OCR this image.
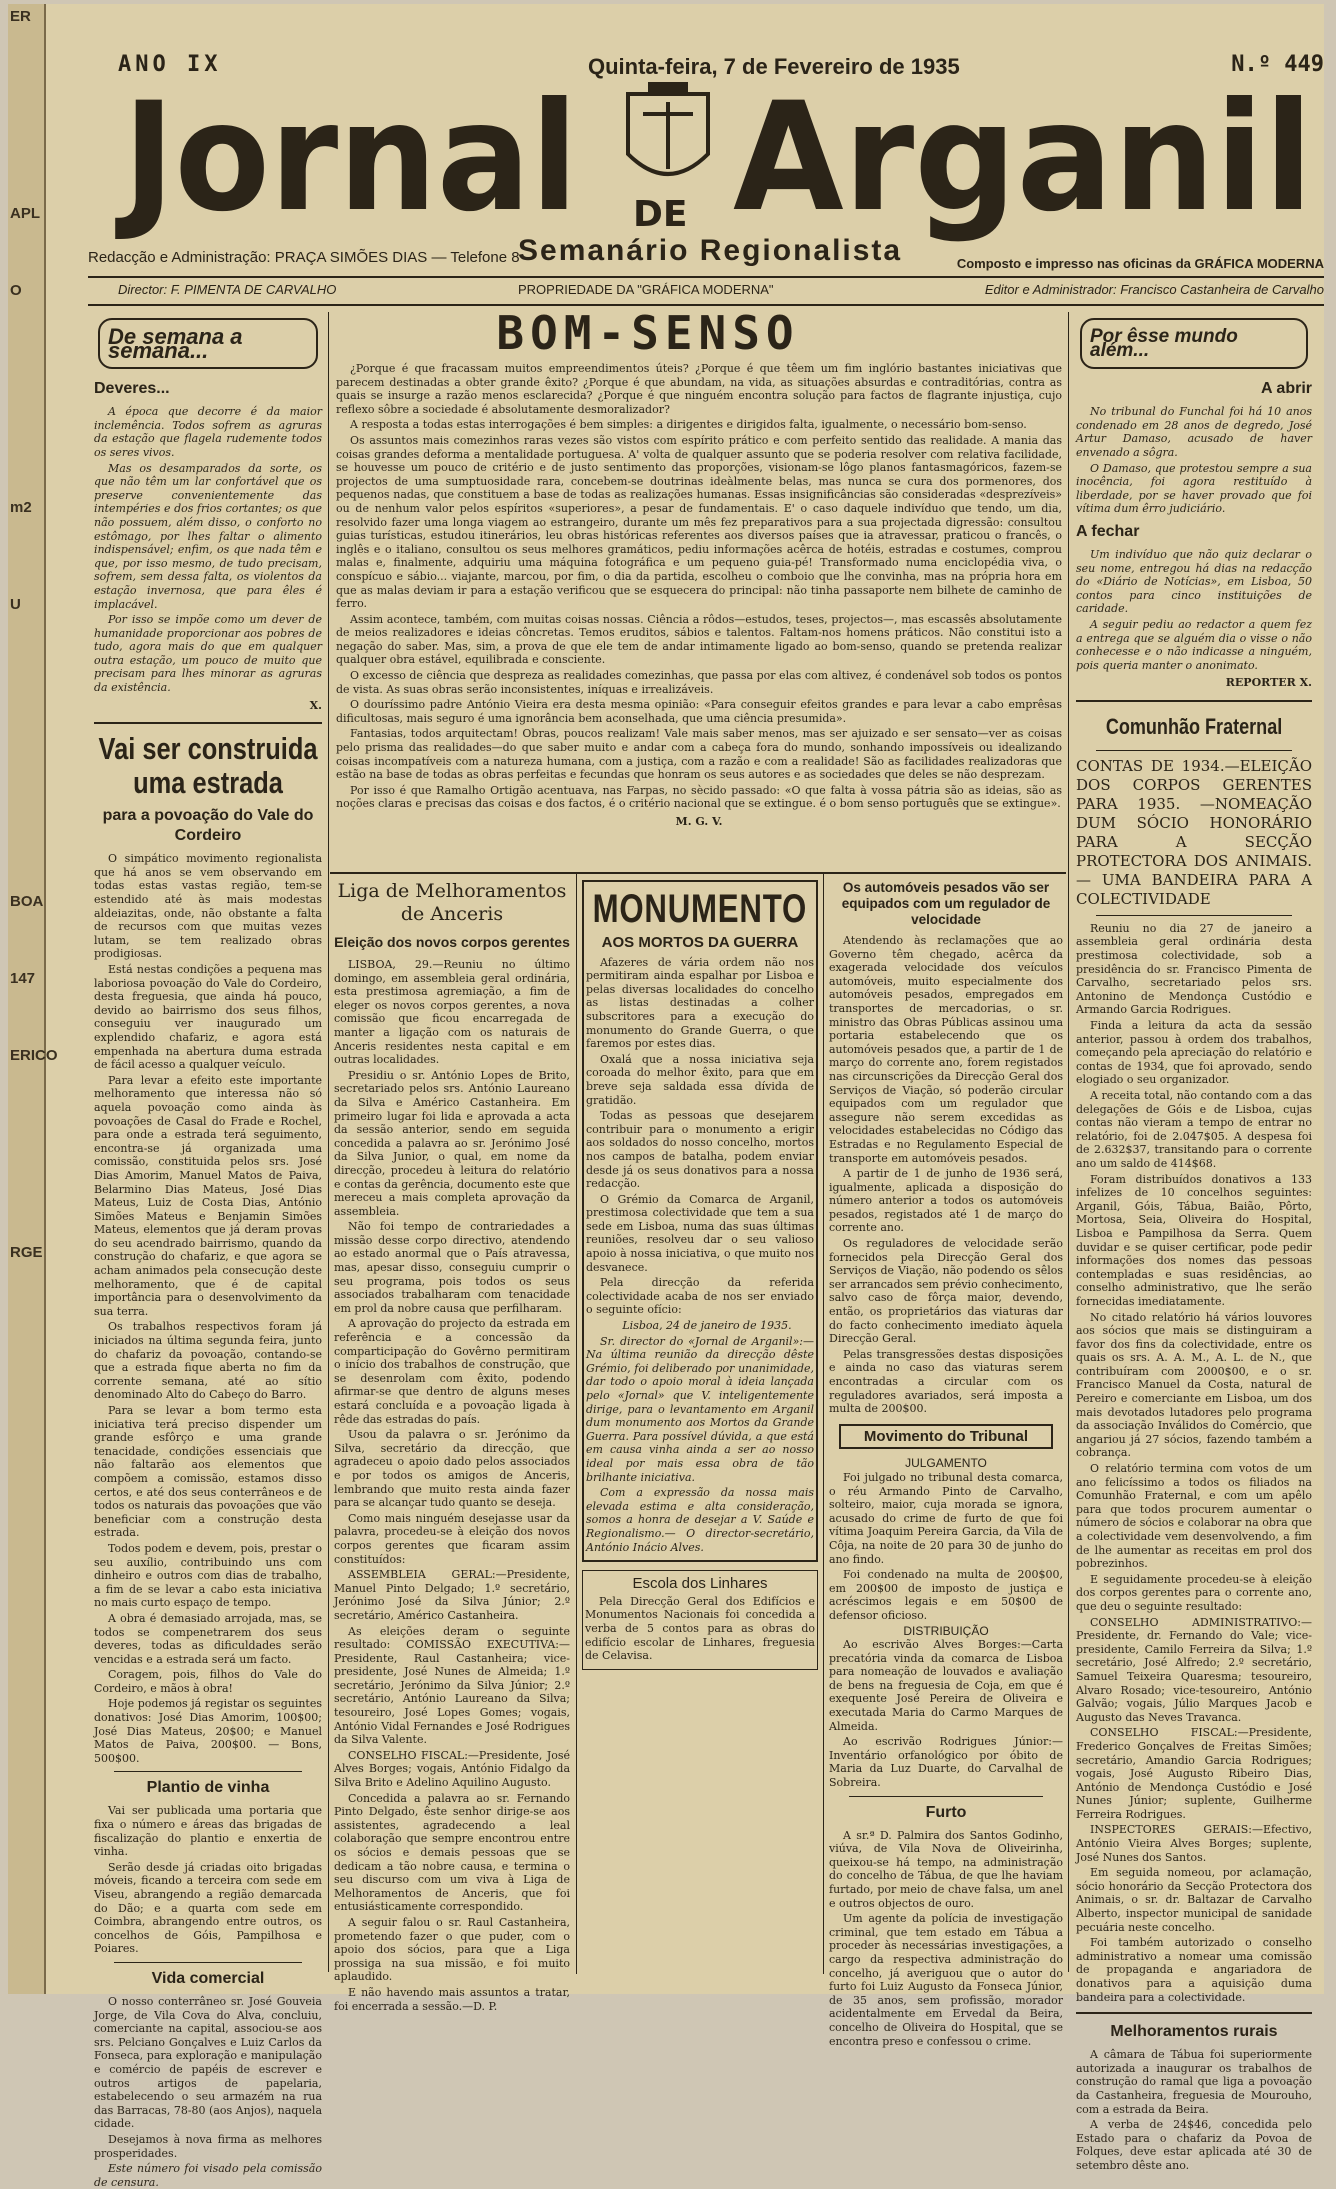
ER
APL
O
m2
U
BOA
147
ERICO
RGE
ANO IX	Quinta-feira, 7 de Fevereiro de 1935	N.º 449
Jornal DE Arganil
Semanário Regionalista
Redacção e Administração: PRAÇA SIMÕES DIAS — Telefone 8	Composto e impresso nas oficinas da GRÁFICA MODERNA
Director: F. PIMENTA DE CARVALHO	PROPRIEDADE DA "GRÁFICA MODERNA"	Editor e Administrador: Francisco Castanheira de Carvalho
De semana a semana...
Deveres...

A época que decorre é da maior inclemência. Todos sofrem as agruras da estação que flagela rudemente todos os seres vivos.

Mas os desamparados da sorte, os que não têm um lar confortável que os preserve convenientemente das intempéries e dos frios cortantes; os que não possuem, além disso, o conforto no estômago, por lhes faltar o alimento indispensável; enfim, os que nada têm e que, por isso mesmo, de tudo precisam, sofrem, sem dessa falta, os violentos da estação invernosa, que para êles é implacável.

Por isso se impõe como um dever de humanidade proporcionar aos pobres de tudo, agora mais do que em qualquer outra estação, um pouco de muito que precisam para lhes minorar as agruras da existência.

X.
Vai ser construida uma estrada
para a povoação do Vale do Cordeiro

O simpático movimento regionalista que há anos se vem observando em todas estas vastas região, tem-se estendido até às mais modestas aldeiazitas, onde, não obstante a falta de recursos com que muitas vezes lutam, se tem realizado obras prodigiosas.

Está nestas condições a pequena mas laboriosa povoação do Vale do Cordeiro, desta freguesia, que ainda há pouco, devido ao bairrismo dos seus filhos, conseguiu ver inaugurado um explendido chafariz, e agora está empenhada na abertura duma estrada de fácil acesso a qualquer veículo.

Para levar a efeito este importante melhoramento que interessa não só aquela povoação como ainda às povoações de Casal do Frade e Rochel, para onde a estrada terá seguimento, encontra-se já organizada uma comissão, constituida pelos srs. José Dias Amorim, Manuel Matos de Paiva, Belarmino Dias Mateus, José Dias Mateus, Luiz de Costa Dias, António Simões Mateus e Benjamin Simões Mateus, elementos que já deram provas do seu acendrado bairrismo, quando da construção do chafariz, e que agora se acham animados pela consecução deste melhoramento, que é de capital importância para o desenvolvimento da sua terra.

Os trabalhos respectivos foram já iniciados na última segunda feira, junto do chafariz da povoação, contando-se que a estrada fique aberta no fim da corrente semana, até ao sítio denominado Alto do Cabeço do Barro.

Para se levar a bom termo esta iniciativa terá preciso dispender um grande esfôrço e uma grande tenacidade, condições essenciais que não faltarão aos elementos que compõem a comissão, estamos disso certos, e até dos seus conterrâneos e de todos os naturais das povoações que vão beneficiar com a construção desta estrada.

Todos podem e devem, pois, prestar o seu auxílio, contribuindo uns com dinheiro e outros com dias de trabalho, a fim de se levar a cabo esta iniciativa no mais curto espaço de tempo.

A obra é demasiado arrojada, mas, se todos se compenetrarem dos seus deveres, todas as dificuldades serão vencidas e a estrada será um facto.

Coragem, pois, filhos do Vale do Cordeiro, e mãos à obra!

Hoje podemos já registar os seguintes donativos: José Dias Amorim, 100$00; José Dias Mateus, 20$00; e Manuel Matos de Paiva, 200$00. — Bons, 500$00.

Plantio de vinha

Vai ser publicada uma portaria que fixa o número e áreas das brigadas de fiscalização do plantio e enxertia de vinha.

Serão desde já criadas oito brigadas móveis, ficando a terceira com sede em Viseu, abrangendo a região demarcada do Dão; e a quarta com sede em Coimbra, abrangendo entre outros, os concelhos de Góis, Pampilhosa e Poiares.

Vida comercial

O nosso conterrâneo sr. José Gouveia Jorge, de Vila Cova do Alva, concluiu, comerciante na capital, associou-se aos srs. Pelciano Gonçalves e Luiz Carlos da Fonseca, para exploração e manipulação e comércio de papéis de escrever e outros artigos de papelaria, estabelecendo o seu armazém na rua das Barracas, 78-80 (aos Anjos), naquela cidade.

Desejamos à nova firma as melhores prosperidades.

Este número foi visado pela comissão de censura.

BOM-SENSO

¿Porque é que fracassam muitos empreendimentos úteis? ¿Porque é que têem um fim inglório bastantes iniciativas que parecem destinadas a obter grande êxito? ¿Porque é que abundam, na vida, as situações absurdas e contraditórias, contra as quais se insurge a razão menos esclarecida? ¿Porque é que ninguém encontra solução para factos de flagrante injustiça, cujo reflexo sôbre a sociedade é absolutamente desmoralizador?

A resposta a todas estas interrogações é bem simples: a dirigentes e dirigidos falta, igualmente, o necessário bom-senso.

Os assuntos mais comezinhos raras vezes são vistos com espírito prático e com perfeito sentido das realidade. A mania das coisas grandes deforma a mentalidade portuguesa. A' volta de qualquer assunto que se poderia resolver com relativa facilidade, se houvesse um pouco de critério e de justo sentimento das proporções, visionam-se lôgo planos fantasmagóricos, fazem-se projectos de uma sumptuosidade rara, concebem-se doutrinas ideàlmente belas, mas nunca se cura dos pormenores, dos pequenos nadas, que constituem a base de todas as realizações humanas. Essas insignificâncias são consideradas «desprezíveis» ou de nenhum valor pelos espíritos «superiores», a pesar de fundamentais. E' o caso daquele indivíduo que tendo, um dia, resolvido fazer uma longa viagem ao estrangeiro, durante um mês fez preparativos para a sua projectada digressão: consultou guias turísticas, estudou itinerários, leu obras históricas referentes aos diversos países que ia atravessar, praticou o francês, o inglês e o italiano, consultou os seus melhores gramáticos, pediu informações acêrca de hotéis, estradas e costumes, comprou malas e, finalmente, adquiriu uma máquina fotográfica e um pequeno guia-pé! Transformado numa enciclopédia viva, o conspícuo e sábio... viajante, marcou, por fim, o dia da partida, escolheu o comboio que lhe convinha, mas na própria hora em que as malas deviam ir para a estação verificou que se esquecera do principal: não tinha passaporte nem bilhete de caminho de ferro.

Assim acontece, também, com muitas coisas nossas. Ciência a rôdos—estudos, teses, projectos—, mas escassês absolutamente de meios realizadores e ideias côncretas. Temos eruditos, sábios e talentos. Faltam-nos homens práticos. Não constitui isto a negação do saber. Mas, sim, a prova de que ele tem de andar intimamente ligado ao bom-senso, quando se pretenda realizar qualquer obra estável, equilibrada e consciente.

O excesso de ciência que despreza as realidades comezinhas, que passa por elas com altivez, é condenável sob todos os pontos de vista. As suas obras serão inconsistentes, iníquas e irrealizáveis.

O douríssimo padre António Vieira era desta mesma opinião: «Para conseguir efeitos grandes e para levar a cabo emprêsas dificultosas, mais seguro é uma ignorância bem aconselhada, que uma ciência presumida».

Fantasias, todos arquitectam! Obras, poucos realizam! Vale mais saber menos, mas ser ajuizado e ser sensato—ver as coisas pelo prisma das realidades—do que saber muito e andar com a cabeça fora do mundo, sonhando impossíveis ou idealizando coisas incompatíveis com a natureza humana, com a justiça, com a razão e com a realidade! São as facilidades realizadoras que estão na base de todas as obras perfeitas e fecundas que honram os seus autores e as sociedades que deles se não desprezam.

Por isso é que Ramalho Ortigão acentuava, nas Farpas, no sècido passado: «O que falta à vossa pátria são as ideias, são as noções claras e precisas das coisas e dos factos, é o critério nacional que se extingue. é o bom senso português que se extingue».

M. G. V.
Liga de Melhoramentos de Anceris
Eleição dos novos corpos gerentes

LISBOA, 29.—Reuniu no último domingo, em assembleia geral ordinária, esta prestimosa agremiação, a fim de eleger os novos corpos gerentes, a nova comissão que ficou encarregada de manter a ligação com os naturais de Anceris residentes nesta capital e em outras localidades.

Presidiu o sr. António Lopes de Brito, secretariado pelos srs. António Laureano da Silva e Américo Castanheira. Em primeiro lugar foi lida e aprovada a acta da sessão anterior, sendo em seguida concedida a palavra ao sr. Jerónimo José da Silva Junior, o qual, em nome da direcção, procedeu à leitura do relatório e contas da gerência, documento este que mereceu a mais completa aprovação da assembleia.

Não foi tempo de contrariedades a missão desse corpo directivo, atendendo ao estado anormal que o País atravessa, mas, apesar disso, conseguiu cumprir o seu programa, pois todos os seus associados trabalharam com tenacidade em prol da nobre causa que perfilharam.

A aprovação do projecto da estrada em referência e a concessão da comparticipação do Govêrno permitiram o início dos trabalhos de construção, que se desenrolam com êxito, podendo afirmar-se que dentro de alguns meses estará concluída e a povoação ligada à rêde das estradas do país.

Usou da palavra o sr. Jerónimo da Silva, secretário da direcção, que agradeceu o apoio dado pelos associados e por todos os amigos de Anceris, lembrando que muito resta ainda fazer para se alcançar tudo quanto se deseja.

Como mais ninguém desejasse usar da palavra, procedeu-se à eleição dos novos corpos gerentes que ficaram assim constituídos:

ASSEMBLEIA GERAL:—Presidente, Manuel Pinto Delgado; 1.º secretário, Jerónimo José da Silva Júnior; 2.º secretário, Américo Castanheira.

As eleições deram o seguinte resultado: COMISSÃO EXECUTIVA:—Presidente, Raul Castanheira; vice-presidente, José Nunes de Almeida; 1.º secretário, Jerónimo da Silva Júnior; 2.º secretário, António Laureano da Silva; tesoureiro, José Lopes Gomes; vogais, António Vidal Fernandes e José Rodrigues da Silva Valente.

CONSELHO FISCAL:—Presidente, José Alves Borges; vogais, António Fidalgo da Silva Brito e Adelino Aquilino Augusto.

Concedida a palavra ao sr. Fernando Pinto Delgado, êste senhor dirige-se aos assistentes, agradecendo a leal colaboração que sempre encontrou entre os sócios e demais pessoas que se dedicam a tão nobre causa, e termina o seu discurso com um viva à Liga de Melhoramentos de Anceris, que foi entusiásticamente correspondido.

A seguir falou o sr. Raul Castanheira, prometendo fazer o que puder, com o apoio dos sócios, para que a Liga prossiga na sua missão, e foi muito aplaudido.

E não havendo mais assuntos a tratar, foi encerrada a sessão.—D. P.

MONUMENTO
AOS MORTOS DA GUERRA

Afazeres de vária ordem não nos permitiram ainda espalhar por Lisboa e pelas diversas localidades do concelho as listas destinadas a colher subscritores para a execução do monumento do Grande Guerra, o que faremos por estes dias.

Oxalá que a nossa iniciativa seja coroada do melhor êxito, para que em breve seja saldada essa dívida de gratidão.

Todas as pessoas que desejarem contribuir para o monumento a erigir aos soldados do nosso concelho, mortos nos campos de batalha, podem enviar desde já os seus donativos para a nossa redacção.

O Grémio da Comarca de Arganil, prestimosa colectividade que tem a sua sede em Lisboa, numa das suas últimas reuniões, resolveu dar o seu valioso apoio à nossa iniciativa, o que muito nos desvanece.

Pela direcção da referida colectividade acaba de nos ser enviado o seguinte ofício:

Lisboa, 24 de janeiro de 1935.

Sr. director do «Jornal de Arganil»:— Na última reunião da direcção dêste Grémio, foi deliberado por unanimidade, dar todo o apoio moral à ideia lançada pelo «Jornal» que V. inteligentemente dirige, para o levantamento em Arganil dum monumento aos Mortos da Grande Guerra. Para possível dúvida, a que está em causa vinha ainda a ser ao nosso ideal por mais essa obra de tão brilhante iniciativa.

Com a expressão da nossa mais elevada estima e alta consideração, somos a honra de desejar a V. Saúde e Regionalismo.— O director-secretário, António Inácio Alves.

Escola dos Linhares

Pela Direcção Geral dos Edifícios e Monumentos Nacionais foi concedida a verba de 5 contos para as obras do edifício escolar de Linhares, freguesia de Celavisa.

Os automóveis pesados vão ser equipados com um regulador de velocidade

Atendendo às reclamações que ao Governo têm chegado, acêrca da exagerada velocidade dos veículos automóveis, muito especialmente dos automóveis pesados, empregados em transportes de mercadorias, o sr. ministro das Obras Públicas assinou uma portaria estabelecendo que os automóveis pesados que, a partir de 1 de março do corrente ano, forem registados nas circunscrições da Direcção Geral dos Serviços de Viação, só poderão circular equipados com um regulador que assegure não serem excedidas as velocidades estabelecidas no Código das Estradas e no Regulamento Especial de transporte em automóveis pesados.

A partir de 1 de junho de 1936 será, igualmente, aplicada a disposição do número anterior a todos os automóveis pesados, registados até 1 de março do corrente ano.

Os reguladores de velocidade serão fornecidos pela Direcção Geral dos Serviços de Viação, não podendo os sêlos ser arrancados sem prévio conhecimento, salvo caso de fôrça maior, devendo, então, os proprietários das viaturas dar do facto conhecimento imediato àquela Direcção Geral.

Pelas transgressões destas disposições e ainda no caso das viaturas serem encontradas a circular com os reguladores avariados, será imposta a multa de 200$00.

Movimento do Tribunal
JULGAMENTO

Foi julgado no tribunal desta comarca, o réu Armando Pinto de Carvalho, solteiro, maior, cuja morada se ignora, acusado do crime de furto de que foi vítima Joaquim Pereira Garcia, da Vila de Côja, na noite de 20 para 30 de junho do ano findo.

Foi condenado na multa de 200$00, em 200$00 de imposto de justiça e acréscimos legais e em 50$00 de defensor oficioso.

DISTRIBUIÇÃO

Ao escrivão Alves Borges:—Carta precatória vinda da comarca de Lisboa para nomeação de louvados e avaliação de bens na freguesia de Coja, em que é exequente José Pereira de Oliveira e executada Maria do Carmo Marques de Almeida.

Ao escrivão Rodrigues Júnior:—Inventário orfanológico por óbito de Maria da Luz Duarte, do Carvalhal de Sobreira.

Furto

A sr.ª D. Palmira dos Santos Godinho, viúva, de Vila Nova de Oliveirinha, queixou-se há tempo, na administração do concelho de Tábua, de que lhe haviam furtado, por meio de chave falsa, um anel e outros objectos de ouro.

Um agente da polícia de investigação criminal, que tem estado em Tábua a proceder às necessárias investigações, a cargo da respectiva administração do concelho, já averiguou que o autor do furto foi Luiz Augusto da Fonseca Júnior, de 35 anos, sem profissão, morador acidentalmente em Ervedal da Beira, concelho de Oliveira do Hospital, que se encontra preso e confessou o crime.

Por êsse mundo além...
A abrir

No tribunal do Funchal foi há 10 anos condenado em 28 anos de degredo, José Artur Damaso, acusado de haver envenado a sôgra.

O Damaso, que protestou sempre a sua inocência, foi agora restituído à liberdade, por se haver provado que foi vítima dum êrro judiciário.

A fechar

Um indivíduo que não quiz declarar o seu nome, entregou há dias na redacção do «Diário de Notícias», em Lisboa, 50 contos para cinco instituições de caridade.

A seguir pediu ao redactor a quem fez a entrega que se alguém dia o visse o não conhecesse e o não indicasse a ninguém, pois queria manter o anonimato.

REPORTER X.
Comunhão Fraternal
CONTAS DE 1934.—ELEIÇÃO DOS CORPOS GERENTES PARA 1935. —NOMEAÇÃO DUM SÓCIO HONORÁRIO PARA A SECÇÃO PROTECTORA DOS ANIMAIS. — UMA BANDEIRA PARA A COLECTIVIDADE

Reuniu no dia 27 de janeiro a assembleia geral ordinária desta prestimosa colectividade, sob a presidência do sr. Francisco Pimenta de Carvalho, secretariado pelos srs. Antonino de Mendonça Custódio e Armando Garcia Rodrigues.

Finda a leitura da acta da sessão anterior, passou à ordem dos trabalhos, começando pela apreciação do relatório e contas de 1934, que foi aprovado, sendo elogiado o seu organizador.

A receita total, não contando com a das delegações de Góis e de Lisboa, cujas contas não vieram a tempo de entrar no relatório, foi de 2.047$05. A despesa foi de 2.632$37, transitando para o corrente ano um saldo de 414$68.

Foram distribuídos donativos a 133 infelizes de 10 concelhos seguintes: Arganil, Góis, Tábua, Baião, Pôrto, Mortosa, Seia, Oliveira do Hospital, Lisboa e Pampilhosa da Serra. Quem duvidar e se quiser certificar, pode pedir informações dos nomes das pessoas contempladas e suas residências, ao conselho administrativo, que lhe serão fornecidas imediatamente.

No citado relatório há vários louvores aos sócios que mais se distinguiram a favor dos fins da colectividade, entre os quais os srs. A. A. M., A. L. de N., que contribuíram com 2000$00, e o sr. Francisco Manuel da Costa, natural de Pereiro e comerciante em Lisboa, um dos mais devotados lutadores pelo programa da associação Inválidos do Comércio, que angariou já 27 sócios, fazendo também a cobrança.

O relatório termina com votos de um ano felicíssimo a todos os filiados na Comunhão Fraternal, e com um apêlo para que todos procurem aumentar o número de sócios e colaborar na obra que a colectividade vem desenvolvendo, a fim de lhe aumentar as receitas em prol dos pobrezinhos.

E seguidamente procedeu-se à eleição dos corpos gerentes para o corrente ano, que deu o seguinte resultado:

CONSELHO ADMINISTRATIVO:—Presidente, dr. Fernando do Vale; vice-presidente, Camilo Ferreira da Silva; 1.º secretário, José Alfredo; 2.º secretário, Samuel Teixeira Quaresma; tesoureiro, Alvaro Rosado; vice-tesoureiro, António Galvão; vogais, Júlio Marques Jacob e Augusto das Neves Travanca.

CONSELHO FISCAL:—Presidente, Frederico Gonçalves de Freitas Simões; secretário, Amandio Garcia Rodrigues; vogais, José Augusto Ribeiro Dias, António de Mendonça Custódio e José Nunes Júnior; suplente, Guilherme Ferreira Rodrigues.

INSPECTORES GERAIS:—Efectivo, António Vieira Alves Borges; suplente, José Nunes dos Santos.

Em seguida nomeou, por aclamação, sócio honorário da Secção Protectora dos Animais, o sr. dr. Baltazar de Carvalho Alberto, inspector municipal de sanidade pecuária neste concelho.

Foi também autorizado o conselho administrativo a nomear uma comissão de propaganda e angariadora de donativos para a aquisição duma bandeira para a colectividade.

Melhoramentos rurais

A câmara de Tábua foi superiormente autorizada a inaugurar os trabalhos de construção do ramal que liga a povoação da Castanheira, freguesia de Mourouho, com a estrada da Beira.

A verba de 24$46, concedida pelo Estado para o chafariz da Povoa de Folques, deve estar aplicada até 30 de setembro dêste ano.
